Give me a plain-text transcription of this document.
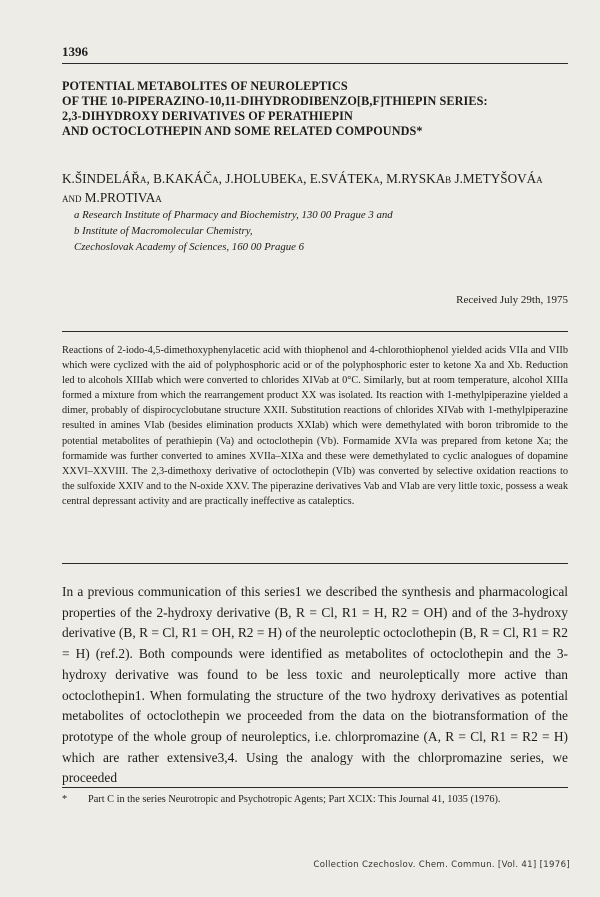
1396
POTENTIAL METABOLITES OF NEUROLEPTICS
OF THE 10-PIPERAZINO-10,11-DIHYDRODIBENZO[B,F]THIEPIN SERIES:
2,3-DIHYDROXY DERIVATIVES OF PERATHIEPIN
AND OCTOCLOTHEPIN AND SOME RELATED COMPOUNDS*
K.ŠINDELÁŘa, B.KAKÁČa, J.HOLUBEKa, E.SVÁTEKa, M.RYSKAb J.METYŠOVÁa
and M.PROTIVAa
a Research Institute of Pharmacy and Biochemistry, 130 00 Prague 3 and
b Institute of Macromolecular Chemistry,
Czechoslovak Academy of Sciences, 160 00 Prague 6
Received July 29th, 1975
Reactions of 2-iodo-4,5-dimethoxyphenylacetic acid with thiophenol and 4-chlorothiophenol yielded acids VIIa and VIIb which were cyclized with the aid of polyphosphoric acid or of the polyphosphoric ester to ketone Xa and Xb. Reduction led to alcohols XIIIab which were converted to chlorides XIVab at 0°C. Similarly, but at room temperature, alcohol XIIIa formed a mixture from which the rearrangement product XX was isolated. Its reaction with 1-methylpiperazine yielded a dimer, probably of dispirocyclobutane structure XXII. Substitution reactions of chlorides XIVab with 1-methylpiperazine resulted in amines VIab (besides elimination products XXIab) which were demethylated with boron tribromide to the potential metabolites of perathiepin (Va) and octoclothepin (Vb). Formamide XVIa was prepared from ketone Xa; the formamide was further converted to amines XVIIa–XIXa and these were demethylated to cyclic analogues of dopamine XXVI–XXVIII. The 2,3-dimethoxy derivative of octoclothepin (VIb) was converted by selective oxidation reactions to the sulfoxide XXIV and to the N-oxide XXV. The piperazine derivatives Vab and VIab are very little toxic, possess a weak central depressant activity and are practically ineffective as cataleptics.
In a previous communication of this series1 we described the synthesis and pharmacological properties of the 2-hydroxy derivative (B, R = Cl, R1 = H, R2 = OH) and of the 3-hydroxy derivative (B, R = Cl, R1 = OH, R2 = H) of the neuroleptic octoclothepin (B, R = Cl, R1 = R2 = H) (ref.2). Both compounds were identified as metabolites of octoclothepin and the 3-hydroxy derivative was found to be less toxic and neuroleptically more active than octoclothepin1. When formulating the structure of the two hydroxy derivatives as potential metabolites of octoclothepin we proceeded from the data on the biotransformation of the prototype of the whole group of neuroleptics, i.e. chlorpromazine (A, R = Cl, R1 = R2 = H) which are rather extensive3,4. Using the analogy with the chlorpromazine series, we proceeded
* Part C in the series Neurotropic and Psychotropic Agents; Part XCIX: This Journal 41, 1035 (1976).
Collection Czechoslov. Chem. Commun. [Vol. 41] [1976]
